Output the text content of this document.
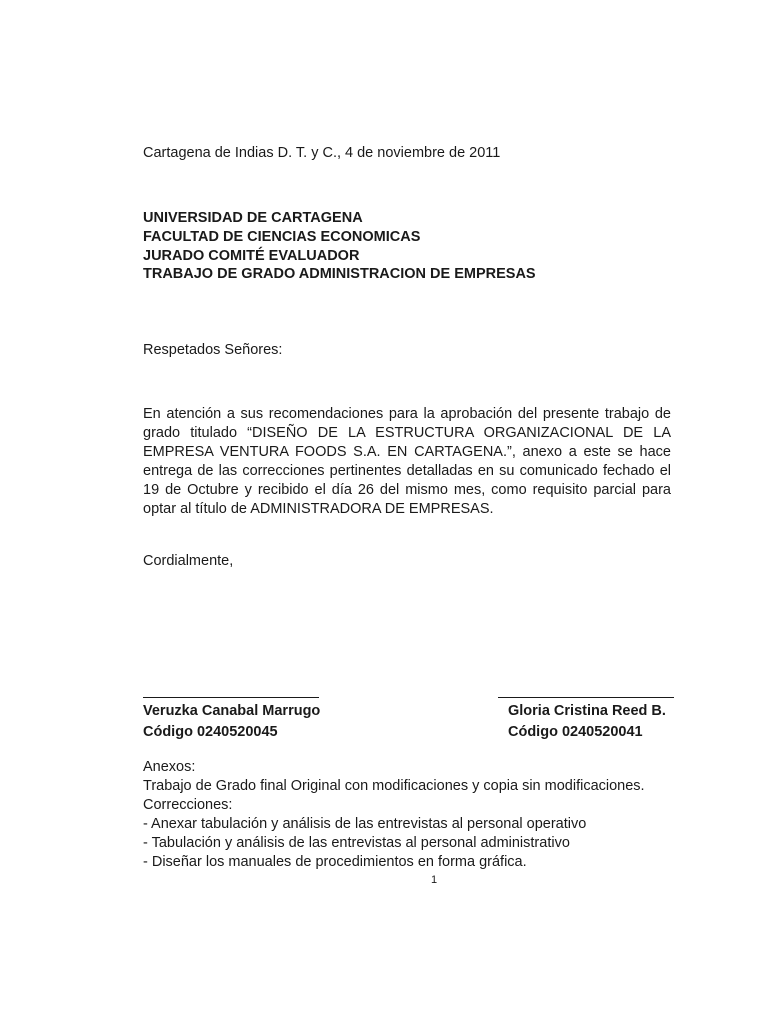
Cartagena de Indias D. T. y C., 4 de noviembre de 2011
UNIVERSIDAD DE CARTAGENA
FACULTAD DE CIENCIAS ECONOMICAS
JURADO COMITÉ EVALUADOR
TRABAJO DE GRADO ADMINISTRACION DE EMPRESAS
Respetados Señores:
En atención a sus recomendaciones para la aprobación del presente trabajo de
grado titulado “DISEÑO DE LA ESTRUCTURA ORGANIZACIONAL DE LA
EMPRESA VENTURA FOODS S.A. EN CARTAGENA.”, anexo a este se hace
entrega de las correcciones pertinentes detalladas en su comunicado fechado el
19 de Octubre y recibido el día 26 del mismo mes, como requisito parcial para
optar al título de ADMINISTRADORA DE EMPRESAS.
Cordialmente,
Veruzka Canabal Marrugo
Código 0240520045
Gloria Cristina Reed B.
Código 0240520041
Anexos:
Trabajo de Grado final Original con modificaciones y copia sin modificaciones.
Correcciones:
- Anexar tabulación y análisis de las entrevistas al personal operativo
- Tabulación y análisis de las entrevistas al personal administrativo
- Diseñar los manuales de procedimientos en forma gráfica.
1
